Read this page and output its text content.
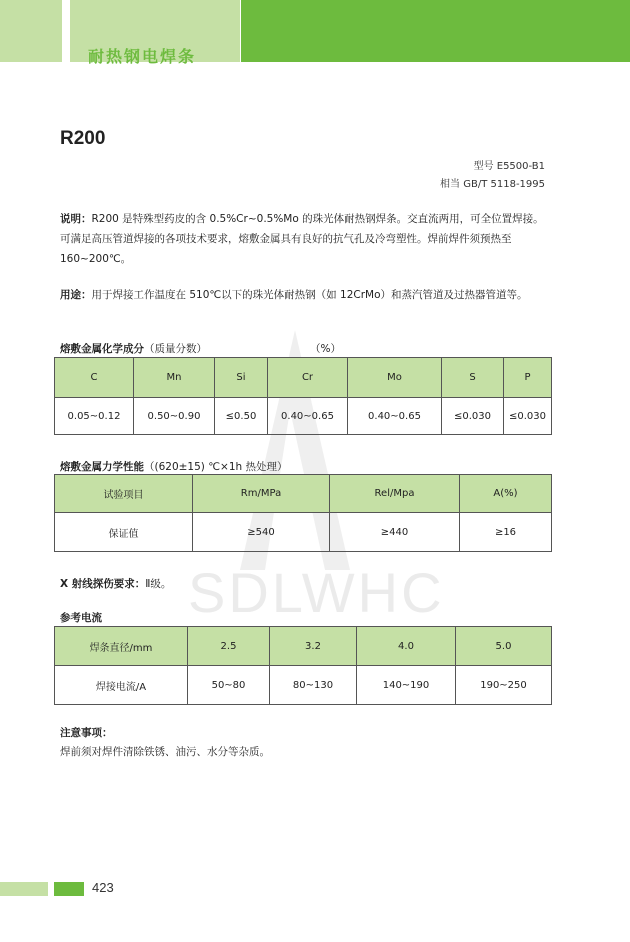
耐热钢电焊条
SDLWHC
R200
型号 E5500-B1
相当 GB/T 5118-1995
说明：R200 是特殊型药皮的含 0.5%Cr~0.5%Mo 的珠光体耐热钢焊条。交直流两用，可全位置焊接。可满足高压管道焊接的各项技术要求，熔敷金属具有良好的抗气孔及冷弯塑性。焊前焊件须预热至 160~200℃。
用途：用于焊接工作温度在 510℃以下的珠光体耐热钢（如 12CrMo）和蒸汽管道及过热器管道等。
熔敷金属化学成分（质量分数）	（%）
C	Mn	Si	Cr	Mo	S	P
0.05~0.12	0.50~0.90	≤0.50	0.40~0.65	0.40~0.65	≤0.030	≤0.030
熔敷金属力学性能（(620±15) ℃×1h 热处理）
试验项目	Rm/MPa	Rel/Mpa	A(%)
保证值	≥540	≥440	≥16
X 射线探伤要求：Ⅱ级。
参考电流
焊条直径/mm	2.5	3.2	4.0	5.0
焊接电流/A	50~80	80~130	140~190	190~250
注意事项：
焊前须对焊件清除铁锈、油污、水分等杂质。
423
